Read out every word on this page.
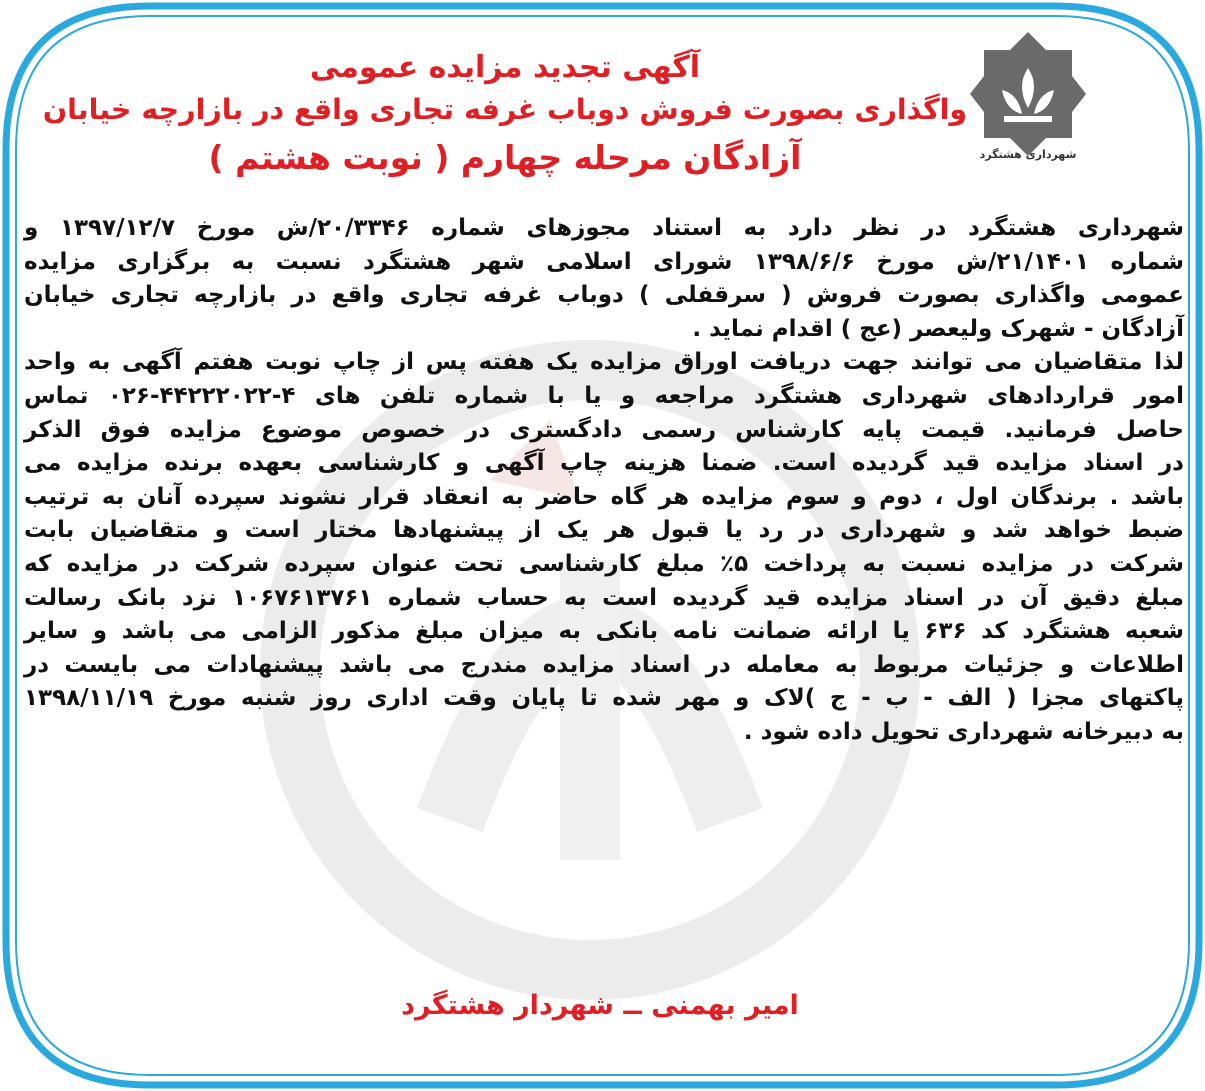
شهرداری هشتگرد
آگهی تجدید مزایده عمومی
واگذاری بصورت فروش دوباب غرفه تجاری واقع در بازارچه خیابان
آزادگان مرحله چهارم ( نوبت هشتم )
شهرداری هشتگرد در نظر دارد به استناد مجوزهای شماره ۲۰/۳۳۴۶/ش مورخ ۱۳۹۷/۱۲/۷ و
شماره ۲۱/۱۴۰۱/ش مورخ ۱۳۹۸/۶/۶ شورای اسلامی شهر هشتگرد نسبت به برگزاری مزایده
عمومی واگذاری بصورت فروش ( سرقفلی ) دوباب غرفه تجاری واقع در بازارچه تجاری خیابان
آزادگان - شهرک ولیعصر (عج ) اقدام نماید .
لذا متقاضیان می توانند جهت دریافت اوراق مزایده یک هفته پس از چاپ نوبت هفتم آگهی به واحد
امور قراردادهای شهرداری هشتگرد مراجعه و یا با شماره تلفن های ۴-۴۴۲۲۲۰۲۲-۰۲۶ تماس
حاصل فرمانید. قیمت پایه کارشناس رسمی دادگستری در خصوص موضوع مزایده فوق الذکر
در اسناد مزایده قید گردیده است. ضمنا هزینه چاپ آگهی و کارشناسی بعهده برنده مزایده می
باشد . برندگان اول ، دوم و سوم مزایده هر گاه حاضر به انعقاد قرار نشوند سپرده آنان به ترتیب
ضبط خواهد شد و شهرداری در رد یا قبول هر یک از پیشنهادها مختار است و متقاضیان بابت
شرکت در مزایده نسبت به پرداخت ۵٪ مبلغ کارشناسی تحت عنوان سپرده شرکت در مزایده که
مبلغ دقیق آن در اسناد مزایده قید گردیده است به حساب شماره ۱۰۶۷۶۱۳۷۶۱ نزد بانک رسالت
شعبه هشتگرد کد ۶۳۶ یا ارائه ضمانت نامه بانکی به میزان مبلغ مذکور الزامی می باشد و سایر
اطلاعات و جزئیات مربوط به معامله در اسناد مزایده مندرج می باشد پیشنهادات می بایست در
پاکتهای مجزا ( الف - ب - ج )لاک و مهر شده تا پایان وقت اداری روز شنبه مورخ ۱۳۹۸/۱۱/۱۹
به دبیرخانه شهرداری تحویل داده شود .
امیر بهمنی ــ شهردار هشتگرد
